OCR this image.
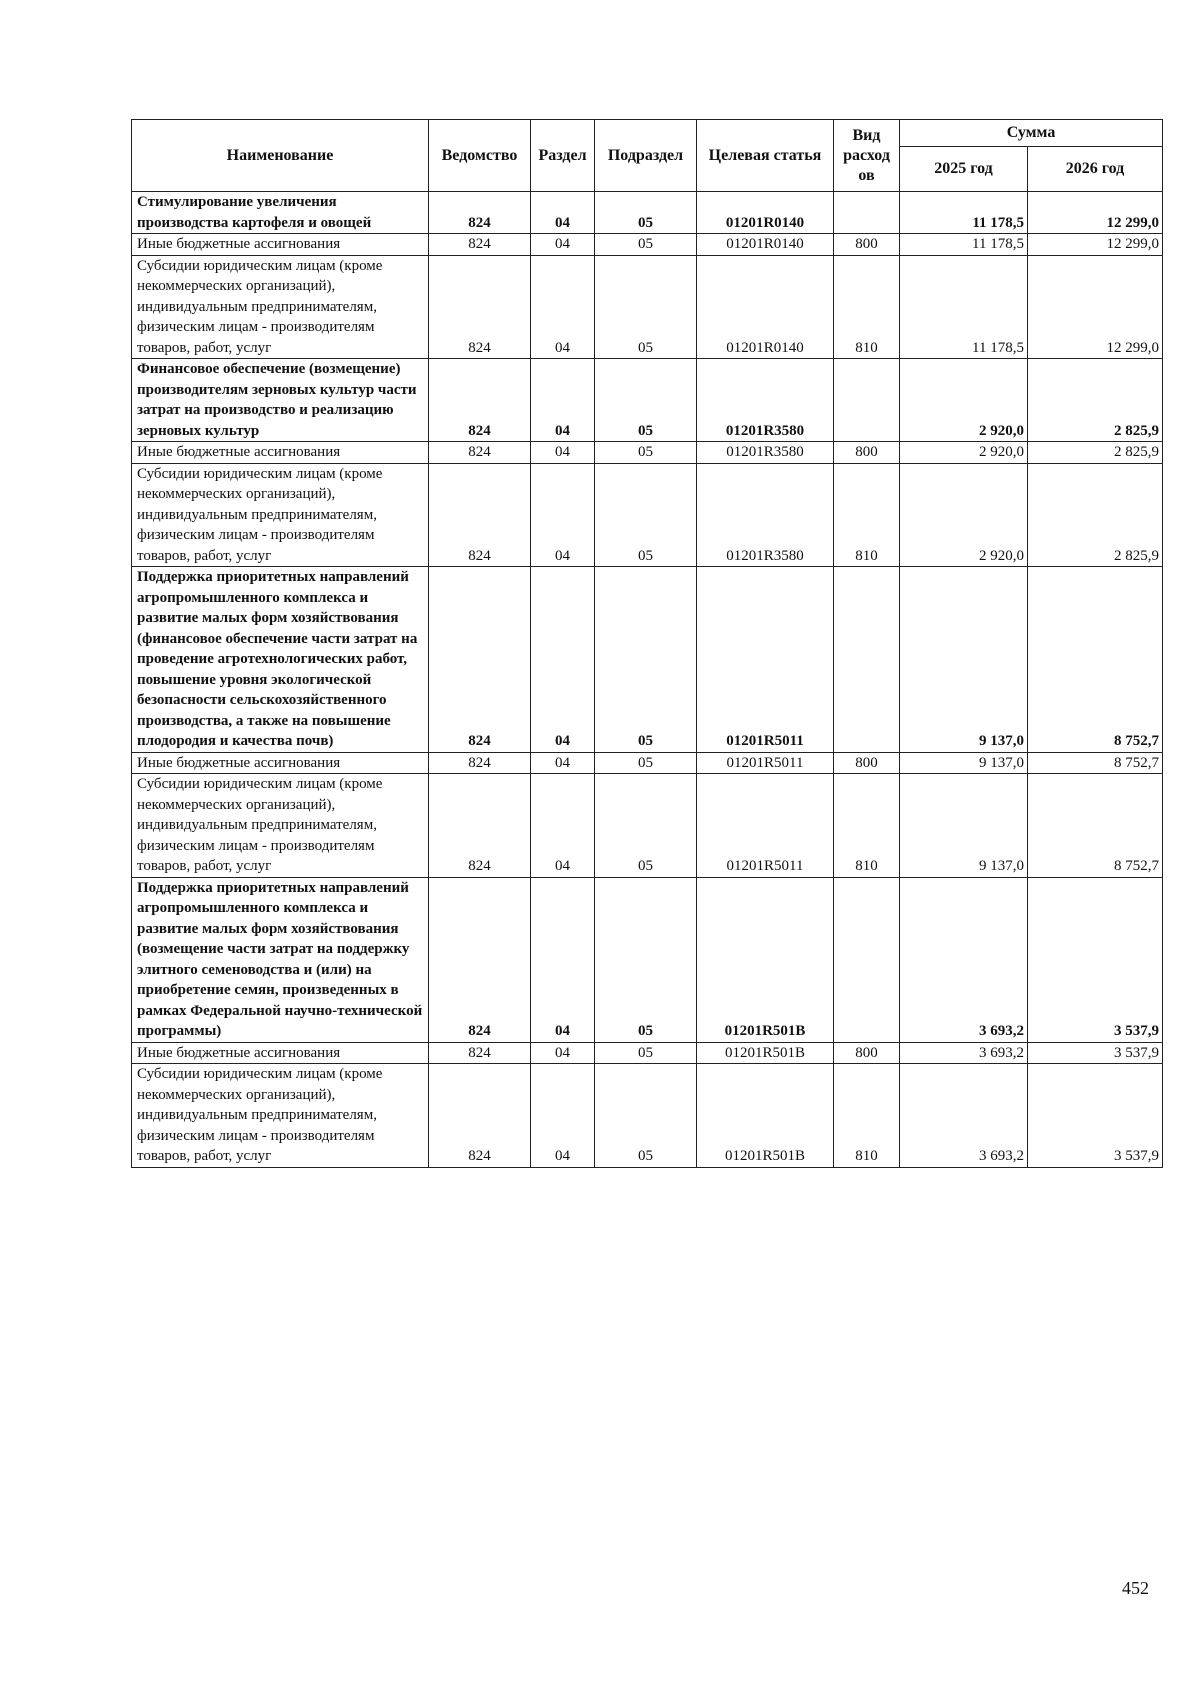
Наименование	Ведомство	Раздел	Подраздел	Целевая статья	Вид расход ов	Сумма	
						2025 год	2026 год
Стимулирование увеличения производства картофеля и овощей	824	04	05	01201R0140		11 178,5	12 299,0
Иные бюджетные ассигнования	824	04	05	01201R0140	800	11 178,5	12 299,0
Субсидии юридическим лицам (кроме некоммерческих организаций), индивидуальным предпринимателям, физическим лицам - производителям товаров, работ, услуг	824	04	05	01201R0140	810	11 178,5	12 299,0
Финансовое обеспечение (возмещение) производителям зерновых культур части затрат на производство и реализацию зерновых культур	824	04	05	01201R3580		2 920,0	2 825,9
Иные бюджетные ассигнования	824	04	05	01201R3580	800	2 920,0	2 825,9
Субсидии юридическим лицам (кроме некоммерческих организаций), индивидуальным предпринимателям, физическим лицам - производителям товаров, работ, услуг	824	04	05	01201R3580	810	2 920,0	2 825,9
Поддержка приоритетных направлений агропромышленного комплекса и развитие малых форм хозяйствования (финансовое обеспечение части затрат на проведение агротехнологических работ, повышение уровня экологической безопасности сельскохозяйственного производства, а также на повышение плодородия и качества почв)	824	04	05	01201R5011		9 137,0	8 752,7
Иные бюджетные ассигнования	824	04	05	01201R5011	800	9 137,0	8 752,7
Субсидии юридическим лицам (кроме некоммерческих организаций), индивидуальным предпринимателям, физическим лицам - производителям товаров, работ, услуг	824	04	05	01201R5011	810	9 137,0	8 752,7
Поддержка приоритетных направлений агропромышленного комплекса и развитие малых форм хозяйствования (возмещение части затрат на поддержку элитного семеноводства и (или) на приобретение семян, произведенных в рамках Федеральной научно-технической программы)	824	04	05	01201R501B		3 693,2	3 537,9
Иные бюджетные ассигнования	824	04	05	01201R501B	800	3 693,2	3 537,9
Субсидии юридическим лицам (кроме некоммерческих организаций), индивидуальным предпринимателям, физическим лицам - производителям товаров, работ, услуг	824	04	05	01201R501B	810	3 693,2	3 537,9
452
